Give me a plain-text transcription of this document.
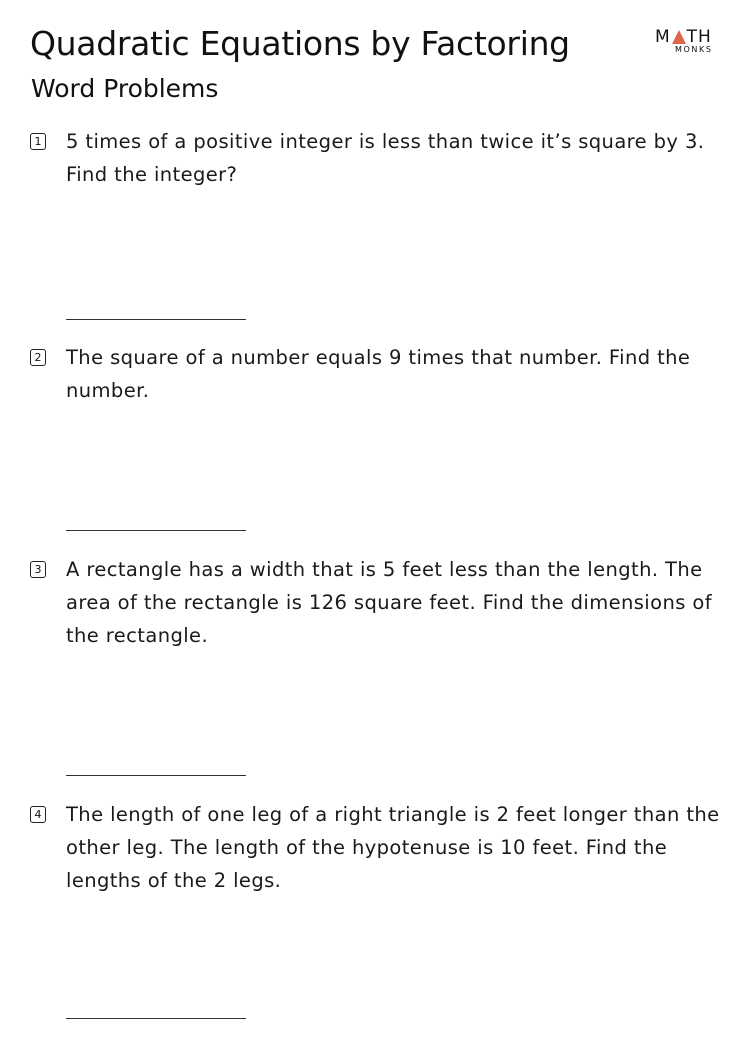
Quadratic Equations by Factoring
Word Problems
M TH
MONKS
1 5 times of a positive integer is less than twice it’s square by 3. Find the integer?

2 The square of a number equals 9 times that number. Find the number.

3 A rectangle has a width that is 5 feet less than the length. The area of the rectangle is 126 square feet. Find the dimensions of the rectangle.

4 The length of one leg of a right triangle is 2 feet longer than the other leg. The length of the hypotenuse is 10 feet. Find the lengths of the 2 legs.
